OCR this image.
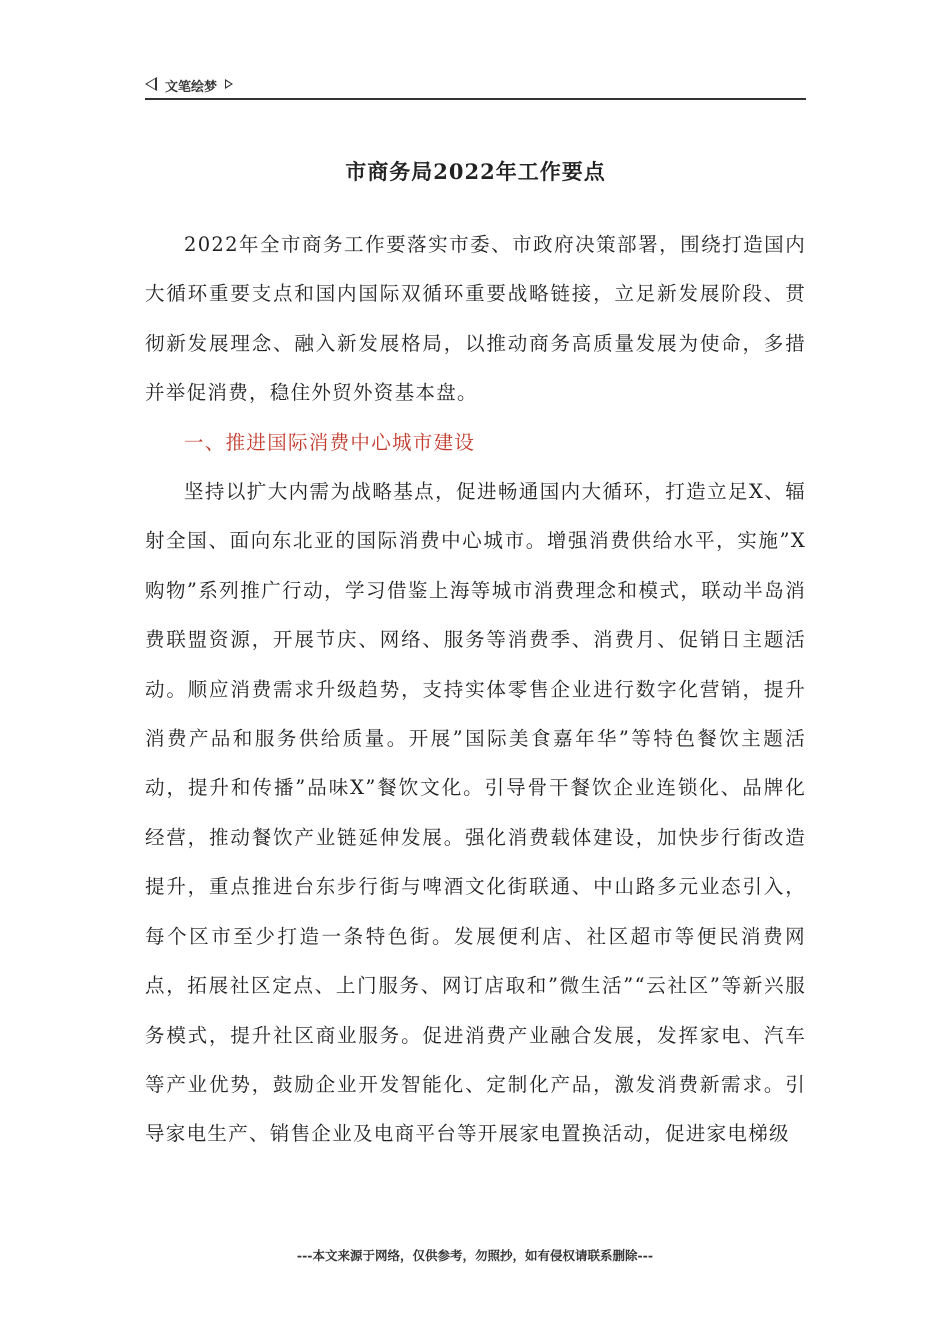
文笔绘梦
市商务局2022年工作要点

2022年全市商务工作要落实市委、市政府决策部署，围绕打造国内大循环重要支点和国内国际双循环重要战略链接，立足新发展阶段、贯彻新发展理念、融入新发展格局，以推动商务高质量发展为使命，多措并举促消费，稳住外贸外资基本盘。

一、推进国际消费中心城市建设

坚持以扩大内需为战略基点，促进畅通国内大循环，打造立足X、辐射全国、面向东北亚的国际消费中心城市。增强消费供给水平，实施”X购物”系列推广行动，学习借鉴上海等城市消费理念和模式，联动半岛消费联盟资源，开展节庆、网络、服务等消费季、消费月、促销日主题活动。顺应消费需求升级趋势，支持实体零售企业进行数字化营销，提升消费产品和服务供给质量。开展”国际美食嘉年华”等特色餐饮主题活动，提升和传播”品味X”餐饮文化。引导骨干餐饮企业连锁化、品牌化经营，推动餐饮产业链延伸发展。强化消费载体建设，加快步行街改造提升，重点推进台东步行街与啤酒文化街联通、中山路多元业态引入，每个区市至少打造一条特色街。发展便利店、社区超市等便民消费网点，拓展社区定点、上门服务、网订店取和”微生活”“云社区”等新兴服务模式，提升社区商业服务。促进消费产业融合发展，发挥家电、汽车等产业优势，鼓励企业开发智能化、定制化产品，激发消费新需求。引导家电生产、销售企业及电商平台等开展家电置换活动，促进家电梯级

---本文来源于网络，仅供参考，勿照抄，如有侵权请联系删除---
